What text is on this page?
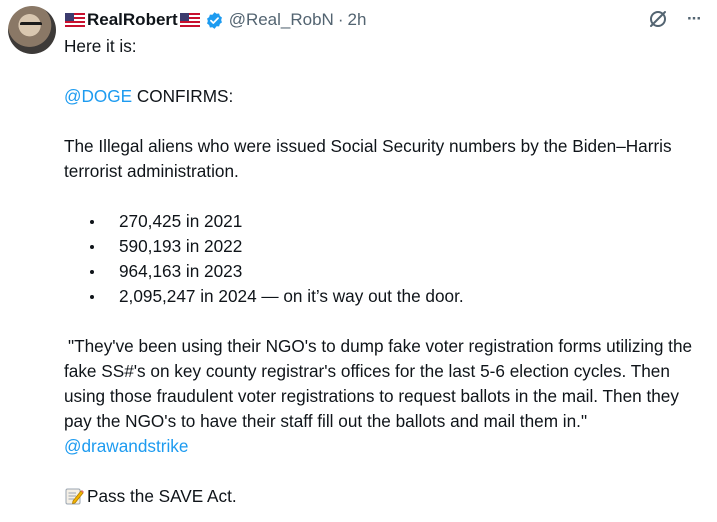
RealRobert	@Real_RobN · 2h	···
Here it is:
@DOGE CONFIRMS:
The Illegal aliens who were issued Social Security numbers by the Biden–Harris terrorist administration.
270,425 in 2021
590,193 in 2022
964,163 in 2023
2,095,247 in 2024 — on it’s way out the door.
"They've been using their NGO's to dump fake voter registration forms utilizing the fake SS#'s on key county registrar's offices for the last 5-6 election cycles. Then using those fraudulent voter registrations to request ballots in the mail. Then they pay the NGO's to have their staff fill out the ballots and mail them in." @drawandstrike
Pass the SAVE Act.
